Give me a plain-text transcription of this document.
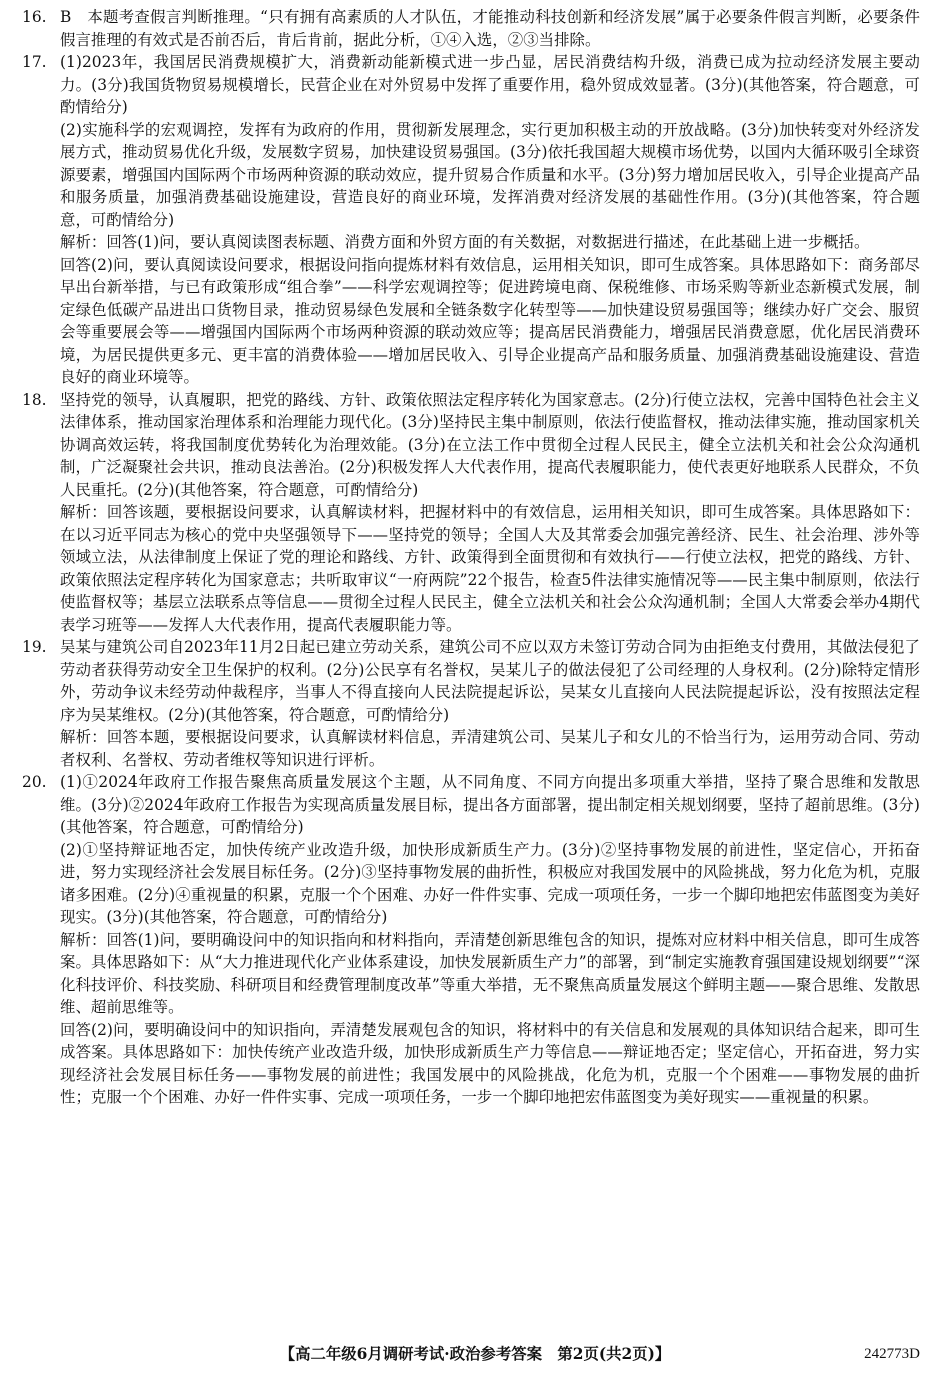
16. B　本题考查假言判断推理。“只有拥有高素质的人才队伍，才能推动科技创新和经济发展”属于必要条件假言判断，必要条件假言推理的有效式是否前否后，肯后肯前，据此分析，①④入选，②③当排除。

17. (1)2023年，我国居民消费规模扩大，消费新动能新模式进一步凸显，居民消费结构升级，消费已成为拉动经济发展主要动力。(3分)我国货物贸易规模增长，民营企业在对外贸易中发挥了重要作用，稳外贸成效显著。(3分)(其他答案，符合题意，可酌情给分)

(2)实施科学的宏观调控，发挥有为政府的作用，贯彻新发展理念，实行更加积极主动的开放战略。(3分)加快转变对外经济发展方式，推动贸易优化升级，发展数字贸易，加快建设贸易强国。(3分)依托我国超大规模市场优势，以国内大循环吸引全球资源要素，增强国内国际两个市场两种资源的联动效应，提升贸易合作质量和水平。(3分)努力增加居民收入，引导企业提高产品和服务质量，加强消费基础设施建设，营造良好的商业环境，发挥消费对经济发展的基础性作用。(3分)(其他答案，符合题意，可酌情给分)

解析：回答(1)问，要认真阅读图表标题、消费方面和外贸方面的有关数据，对数据进行描述，在此基础上进一步概括。

回答(2)问，要认真阅读设问要求，根据设问指向提炼材料有效信息，运用相关知识，即可生成答案。具体思路如下：商务部尽早出台新举措，与已有政策形成“组合拳”——科学宏观调控等；促进跨境电商、保税维修、市场采购等新业态新模式发展，制定绿色低碳产品进出口货物目录，推动贸易绿色发展和全链条数字化转型等——加快建设贸易强国等；继续办好广交会、服贸会等重要展会等——增强国内国际两个市场两种资源的联动效应等；提高居民消费能力，增强居民消费意愿，优化居民消费环境，为居民提供更多元、更丰富的消费体验——增加居民收入、引导企业提高产品和服务质量、加强消费基础设施建设、营造良好的商业环境等。

18. 坚持党的领导，认真履职，把党的路线、方针、政策依照法定程序转化为国家意志。(2分)行使立法权，完善中国特色社会主义法律体系，推动国家治理体系和治理能力现代化。(3分)坚持民主集中制原则，依法行使监督权，推动法律实施，推动国家机关协调高效运转，将我国制度优势转化为治理效能。(3分)在立法工作中贯彻全过程人民民主，健全立法机关和社会公众沟通机制，广泛凝聚社会共识，推动良法善治。(2分)积极发挥人大代表作用，提高代表履职能力，使代表更好地联系人民群众，不负人民重托。(2分)(其他答案，符合题意，可酌情给分)

解析：回答该题，要根据设问要求，认真解读材料，把握材料中的有效信息，运用相关知识，即可生成答案。具体思路如下：在以习近平同志为核心的党中央坚强领导下——坚持党的领导；全国人大及其常委会加强完善经济、民生、社会治理、涉外等领域立法，从法律制度上保证了党的理论和路线、方针、政策得到全面贯彻和有效执行——行使立法权，把党的路线、方针、政策依照法定程序转化为国家意志；共听取审议“一府两院”22个报告，检查5件法律实施情况等——民主集中制原则，依法行使监督权等；基层立法联系点等信息——贯彻全过程人民民主，健全立法机关和社会公众沟通机制；全国人大常委会举办4期代表学习班等——发挥人大代表作用，提高代表履职能力等。

19. 吴某与建筑公司自2023年11月2日起已建立劳动关系，建筑公司不应以双方未签订劳动合同为由拒绝支付费用，其做法侵犯了劳动者获得劳动安全卫生保护的权利。(2分)公民享有名誉权，吴某儿子的做法侵犯了公司经理的人身权利。(2分)除特定情形外，劳动争议未经劳动仲裁程序，当事人不得直接向人民法院提起诉讼，吴某女儿直接向人民法院提起诉讼，没有按照法定程序为吴某维权。(2分)(其他答案，符合题意，可酌情给分)

解析：回答本题，要根据设问要求，认真解读材料信息，弄清建筑公司、吴某儿子和女儿的不恰当行为，运用劳动合同、劳动者权利、名誉权、劳动者维权等知识进行评析。

20. (1)①2024年政府工作报告聚焦高质量发展这个主题，从不同角度、不同方向提出多项重大举措，坚持了聚合思维和发散思维。(3分)②2024年政府工作报告为实现高质量发展目标，提出各方面部署，提出制定相关规划纲要，坚持了超前思维。(3分)(其他答案，符合题意，可酌情给分)

(2)①坚持辩证地否定，加快传统产业改造升级，加快形成新质生产力。(3分)②坚持事物发展的前进性，坚定信心，开拓奋进，努力实现经济社会发展目标任务。(2分)③坚持事物发展的曲折性，积极应对我国发展中的风险挑战，努力化危为机，克服诸多困难。(2分)④重视量的积累，克服一个个困难、办好一件件实事、完成一项项任务，一步一个脚印地把宏伟蓝图变为美好现实。(3分)(其他答案，符合题意，可酌情给分)

解析：回答(1)问，要明确设问中的知识指向和材料指向，弄清楚创新思维包含的知识，提炼对应材料中相关信息，即可生成答案。具体思路如下：从“大力推进现代化产业体系建设，加快发展新质生产力”的部署，到“制定实施教育强国建设规划纲要”“深化科技评价、科技奖励、科研项目和经费管理制度改革”等重大举措，无不聚焦高质量发展这个鲜明主题——聚合思维、发散思维、超前思维等。

回答(2)问，要明确设问中的知识指向，弄清楚发展观包含的知识，将材料中的有关信息和发展观的具体知识结合起来，即可生成答案。具体思路如下：加快传统产业改造升级，加快形成新质生产力等信息——辩证地否定；坚定信心，开拓奋进，努力实现经济社会发展目标任务——事物发展的前进性；我国发展中的风险挑战，化危为机，克服一个个困难——事物发展的曲折性；克服一个个困难、办好一件件实事、完成一项项任务，一步一个脚印地把宏伟蓝图变为美好现实——重视量的积累。

【高二年级6月调研考试·政治参考答案　第2页(共2页)】	242773D
